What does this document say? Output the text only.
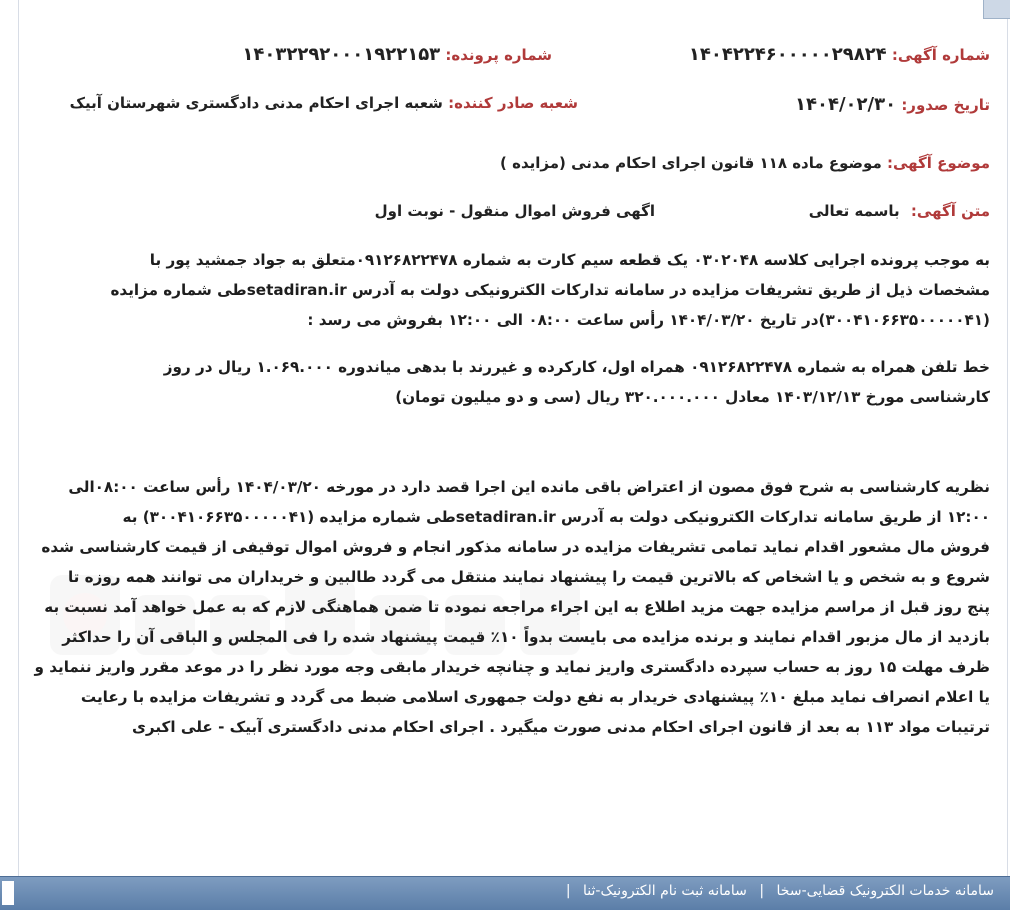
شماره آگهی: ۱۴۰۴۲۲۴۶۰۰۰۰۰۲۹۸۲۴
شماره پرونده: ۱۴۰۳۲۲۹۲۰۰۰۱۹۲۲۱۵۳
تاریخ صدور: ۱۴۰۴/۰۲/۳۰
شعبه صادر کننده: شعبه اجرای احکام مدنی دادگستری شهرستان آبیک
موضوع آگهی: موضوع ماده ۱۱۸ قانون اجرای احکام مدنی (مزایده )
متن آگهی: باسمه تعالی
اگهی فروش اموال منقول - نوبت اول
به موجب پرونده اجرایی کلاسه ۰۳۰۲۰۴۸ یک قطعه سیم کارت به شماره ۰۹۱۲۶۸۲۲۴۷۸متعلق به جواد جمشید پور با
مشخصات ذیل از طریق تشریفات مزایده در سامانه تدارکات الکترونیکی دولت به آدرس setadiran.irطی شماره مزایده
(۳۰۰۴۱۰۶۶۳۵۰۰۰۰۰۴۱)در تاریخ ۱۴۰۴/۰۳/۲۰ رأس ساعت ۰۸:۰۰ الی ۱۲:۰۰ بفروش می رسد :
خط تلفن همراه به شماره ۰۹۱۲۶۸۲۲۴۷۸ همراه اول، کارکرده و غیررند با بدهی میاندوره ۱.۰۶۹.۰۰۰ ریال در روز
کارشناسی مورخ ۱۴۰۳/۱۲/۱۳ معادل ۳۲۰.۰۰۰.۰۰۰ ریال (سی و دو میلیون تومان)
نظریه کارشناسی به شرح فوق مصون از اعتراض باقی مانده این اجرا قصد دارد در مورخه ۱۴۰۴/۰۳/۲۰ رأس ساعت ۰۸:۰۰الی
۱۲:۰۰ از طریق سامانه تدارکات الکترونیکی دولت به آدرس setadiran.irطی شماره مزایده (۳۰۰۴۱۰۶۶۳۵۰۰۰۰۰۴۱) به
فروش مال مشعور اقدام نماید تمامی تشریفات مزایده در سامانه مذکور انجام و فروش اموال توقیفی از قیمت کارشناسی شده
شروع و به شخص و یا اشخاص که بالاترین قیمت را پیشنهاد نمایند منتقل می گردد طالبین و خریداران می توانند همه روزه تا
پنج روز قبل از مراسم مزایده جهت مزید اطلاع به این اجراء مراجعه نموده تا ضمن هماهنگی لازم که به عمل خواهد آمد نسبت به
بازدید از مال مزبور اقدام نمایند و برنده مزایده می بایست بدواً ۱۰٪ قیمت پیشنهاد شده را فی المجلس و الباقی آن را حداکثر
ظرف مهلت ۱۵ روز به حساب سپرده دادگستری واریز نماید و چنانچه خریدار مابقی وجه مورد نظر را در موعد مقرر واریز ننماید و
یا اعلام انصراف نماید مبلغ ۱۰٪ پیشنهادی خریدار به نفع دولت جمهوری اسلامی ضبط می گردد و تشریفات مزایده با رعایت
ترتیبات مواد ۱۱۳ به بعد از قانون اجرای احکام مدنی صورت میگیرد . اجرای احکام مدنی دادگستری آبیک - علی اکبری
سامانه خدمات الکترونیک قضایی-سخا | سامانه ثبت نام الکترونیک-ثنا |
